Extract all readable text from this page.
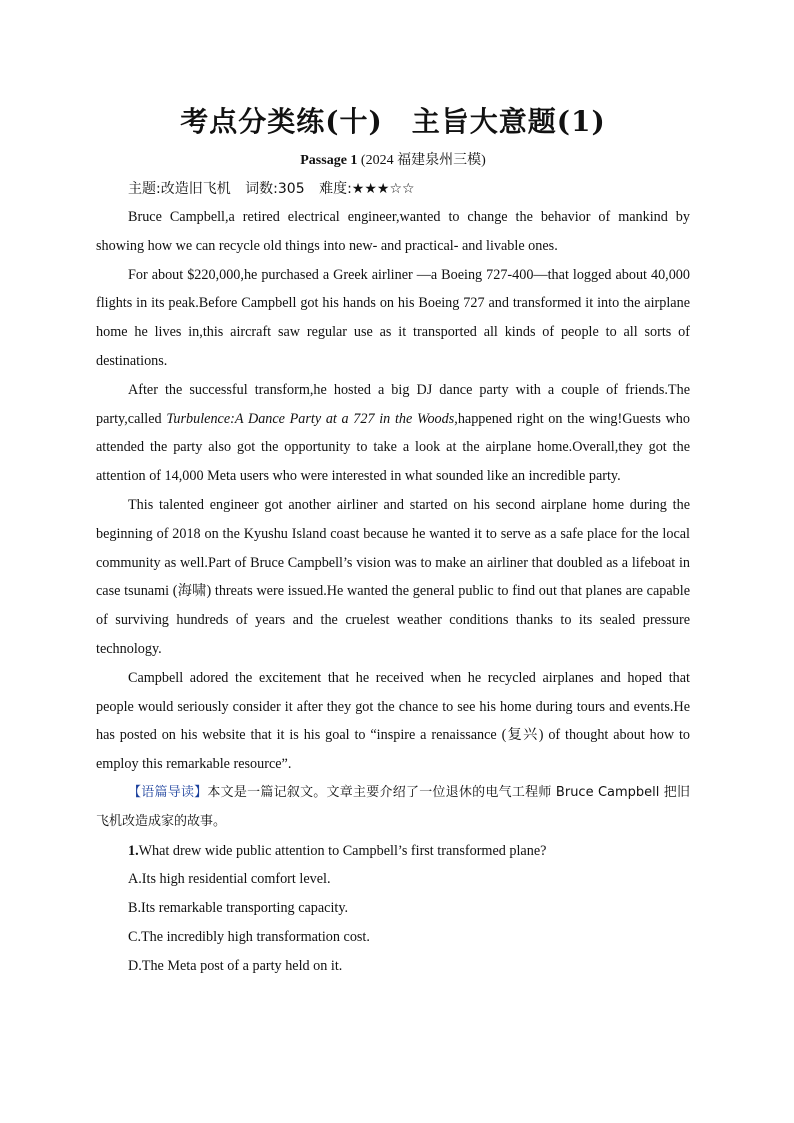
考点分类练(十)　主旨大意题(1)
Passage 1 (2024 福建泉州三模)
主题:改造旧飞机 词数:305 难度:★★★☆☆

Bruce Campbell,a retired electrical engineer,wanted to change the behavior of mankind by showing how we can recycle old things into new- and practical- and livable ones.

For about $220,000,he purchased a Greek airliner —a Boeing 727-400—that logged about 40,000 flights in its peak.Before Campbell got his hands on his Boeing 727 and transformed it into the airplane home he lives in,this aircraft saw regular use as it transported all kinds of people to all sorts of destinations.

After the successful transform,he hosted a big DJ dance party with a couple of friends.The party,called Turbulence:A Dance Party at a 727 in the Woods,happened right on the wing!Guests who attended the party also got the opportunity to take a look at the airplane home.Overall,they got the attention of 14,000 Meta users who were interested in what sounded like an incredible party.

This talented engineer got another airliner and started on his second airplane home during the beginning of 2018 on the Kyushu Island coast because he wanted it to serve as a safe place for the local community as well.Part of Bruce Campbell’s vision was to make an airliner that doubled as a lifeboat in case tsunami (海啸) threats were issued.He wanted the general public to find out that planes are capable of surviving hundreds of years and the cruelest weather conditions thanks to its sealed pressure technology.

Campbell adored the excitement that he received when he recycled airplanes and hoped that people would seriously consider it after they got the chance to see his home during tours and events.He has posted on his website that it is his goal to “inspire a renaissance (复兴) of thought about how to employ this remarkable resource”.

【语篇导读】本文是一篇记叙文。文章主要介绍了一位退休的电气工程师 Bruce Campbell 把旧飞机改造成家的故事。

1.What drew wide public attention to Campbell’s first transformed plane?

A.Its high residential comfort level.

B.Its remarkable transporting capacity.

C.The incredibly high transformation cost.

D.The Meta post of a party held on it.
